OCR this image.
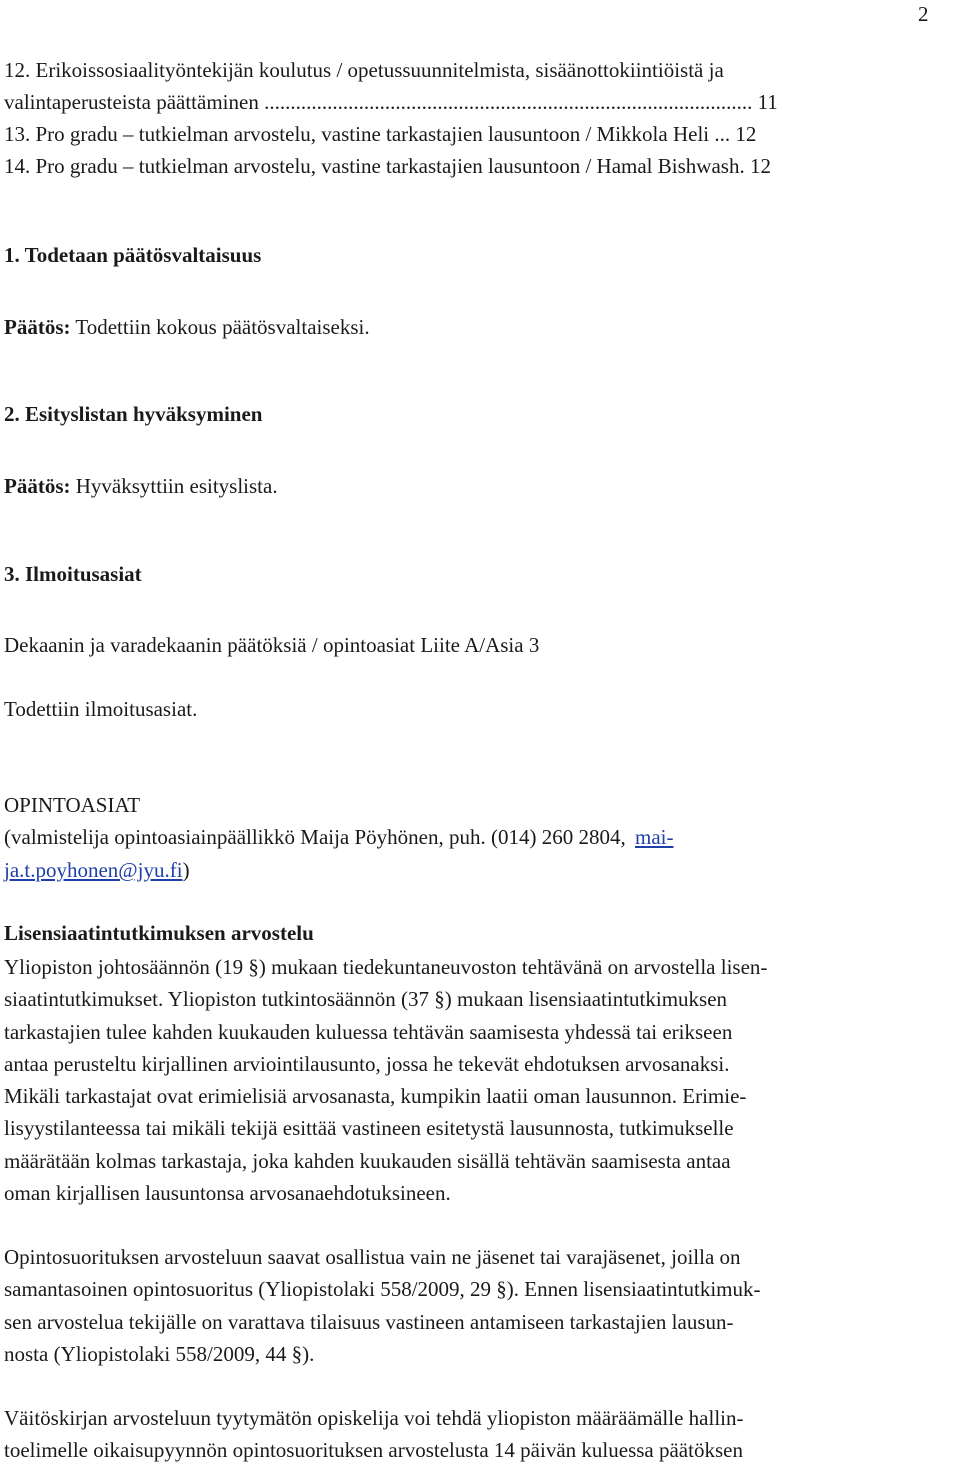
2
12. Erikoissosiaalityöntekijän koulutus / opetussuunnitelmista, sisäänottokiintiöistä ja
valintaperusteista päättäminen ............................................................................................. 11
13. Pro gradu – tutkielman arvostelu, vastine tarkastajien lausuntoon / Mikkola Heli ... 12
14. Pro gradu – tutkielman arvostelu, vastine tarkastajien lausuntoon / Hamal Bishwash. 12
1. Todetaan päätösvaltaisuus
Päätös: Todettiin kokous päätösvaltaiseksi.
2. Esityslistan hyväksyminen
Päätös: Hyväksyttiin esityslista.
3. Ilmoitusasiat
Dekaanin ja varadekaanin päätöksiä / opintoasiat Liite A/Asia 3
Todettiin ilmoitusasiat.
OPINTOASIAT
(valmistelija opintoasiainpäällikkö Maija Pöyhönen, puh. (014) 260 2804, mai-
ja.t.poyhonen@jyu.fi)
Lisensiaatintutkimuksen arvostelu
Yliopiston johtosäännön (19 §) mukaan tiedekuntaneuvoston tehtävänä on arvostella lisen-
siaatintutkimukset. Yliopiston tutkintosäännön (37 §) mukaan lisensiaatintutkimuksen
tarkastajien tulee kahden kuukauden kuluessa tehtävän saamisesta yhdessä tai erikseen
antaa perusteltu kirjallinen arviointilausunto, jossa he tekevät ehdotuksen arvosanaksi.
Mikäli tarkastajat ovat erimielisiä arvosanasta, kumpikin laatii oman lausunnon. Erimie-
lisyystilanteessa tai mikäli tekijä esittää vastineen esitetystä lausunnosta, tutkimukselle
määrätään kolmas tarkastaja, joka kahden kuukauden sisällä tehtävän saamisesta antaa
oman kirjallisen lausuntonsa arvosanaehdotuksineen.
Opintosuorituksen arvosteluun saavat osallistua vain ne jäsenet tai varajäsenet, joilla on
samantasoinen opintosuoritus (Yliopistolaki 558/2009, 29 §). Ennen lisensiaatintutkimuk-
sen arvostelua tekijälle on varattava tilaisuus vastineen antamiseen tarkastajien lausun-
nosta (Yliopistolaki 558/2009, 44 §).
Väitöskirjan arvosteluun tyytymätön opiskelija voi tehdä yliopiston määräämälle hallin-
toelimelle oikaisupyynnön opintosuorituksen arvostelusta 14 päivän kuluessa päätöksen
